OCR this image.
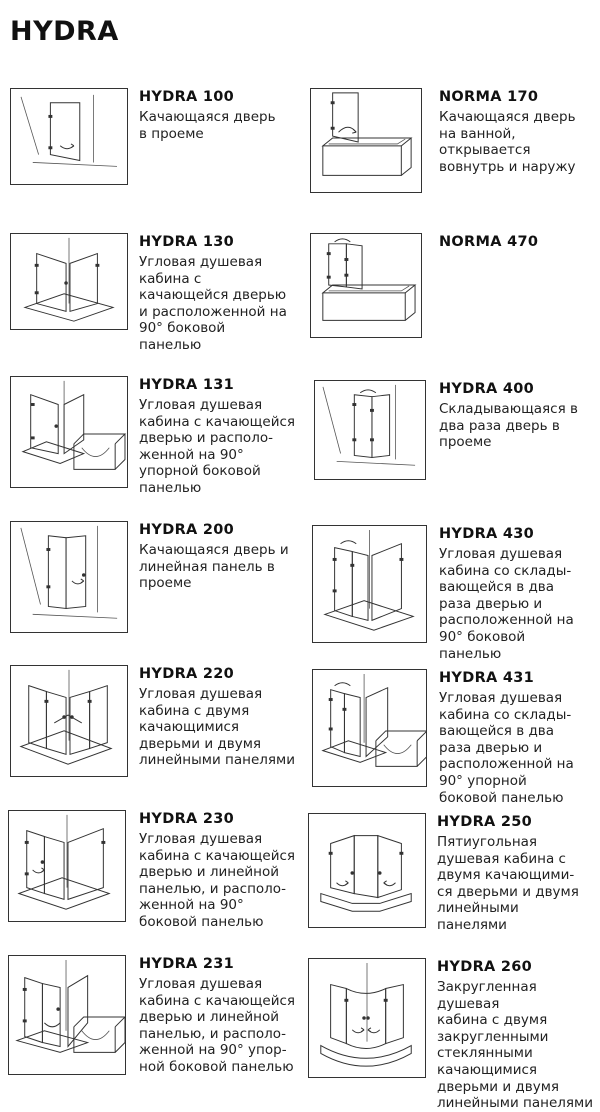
HYDRA
HYDRA 100
Качающаяся дверь
в проеме
NORMA 170
Качающаяся дверь
на ванной,
открывается
вовнутрь и наружу
HYDRA 130
Угловая душевая
кабина с
качающейся дверью
и расположенной на
90° боковой
панелью
NORMA 470
HYDRA 131
Угловая душевая
кабина с качающейся
дверью и располо-
женной на 90°
упорной боковой
панелью
HYDRA 400
Складывающаяся в
два раза дверь в
проеме
HYDRA 200
Качающаяся дверь и
линейная панель в
проеме
HYDRA 430
Угловая душевая
кабина со склады-
вающейся в два
раза дверью и
расположенной на
90° боковой
панелью
HYDRA 220
Угловая душевая
кабина с двумя
качающимися
дверьми и двумя
линейными панелями
HYDRA 431
Угловая душевая
кабина со склады-
вающейся в два
раза дверью и
расположенной на
90° упорной
боковой панелью
HYDRA 230
Угловая душевая
кабина с качающейся
дверью и линейной
панелью, и располо-
женной на 90°
боковой панелью
HYDRA 250
Пятиугольная
душевая кабина с
двумя качающими-
ся дверьми и двумя
линейными
панелями
HYDRA 231
Угловая душевая
кабина с качающейся
дверью и линейной
панелью, и располо-
женной на 90° упор-
ной боковой панелью
HYDRA 260
Закругленная душевая
кабина с двумя
закругленными
стеклянными
качающимися
дверьми и двумя
линейными панелями
